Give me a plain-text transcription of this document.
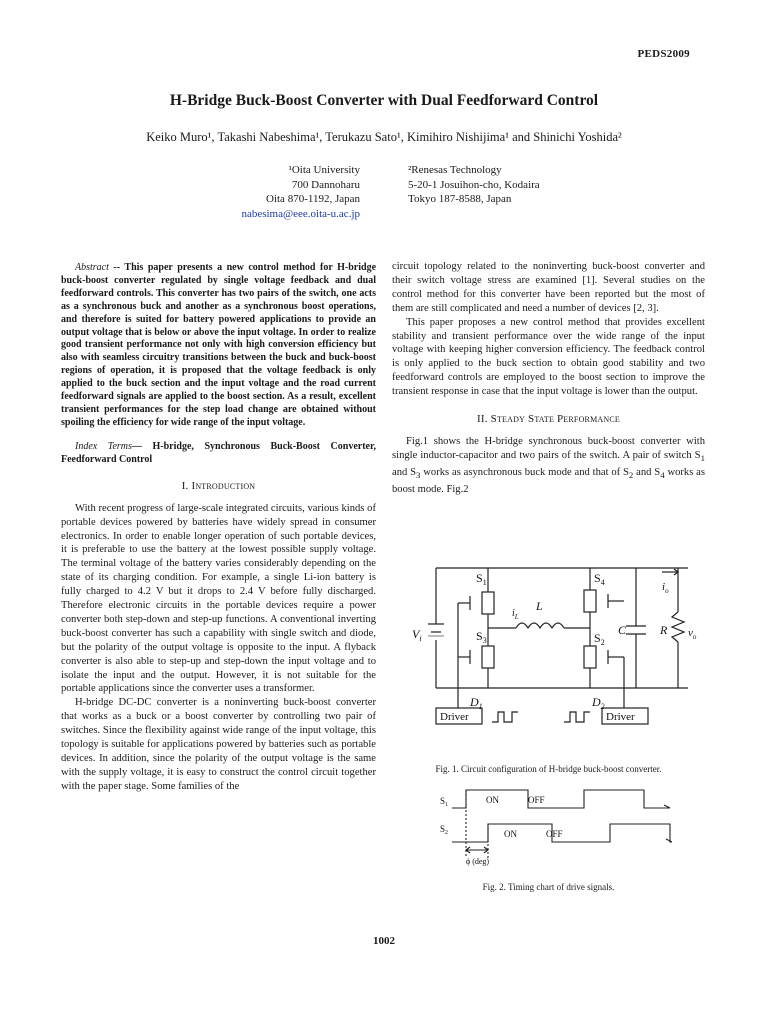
PEDS2009
H-Bridge Buck-Boost Converter with Dual Feedforward Control
Keiko Muro¹, Takashi Nabeshima¹, Terukazu Sato¹, Kimihiro Nishijima¹ and Shinichi Yoshida²
¹Oita University
700 Dannoharu
Oita 870-1192, Japan
nabesima@eee.oita-u.ac.jp
²Renesas Technology
5-20-1 Josuihon-cho, Kodaira
Tokyo 187-8588, Japan

Abstract -- This paper presents a new control method for H-bridge buck-boost converter regulated by single voltage feedback and dual feedforward controls. This converter has two pairs of the switch, one acts as a synchronous buck and another as a synchronous boost operations, and therefore is suited for battery powered applications to provide an output voltage that is below or above the input voltage. In order to realize good transient performance not only with high conversion efficiency but also with seamless circuitry transitions between the buck and buck-boost regions of operation, it is proposed that the voltage feedback is only applied to the buck section and the input voltage and the road current feedforward signals are applied to the boost section. As a result, excellent transient performances for the step load change are obtained without spoiling the efficiency for wide range of the input voltage.

Index Terms— H-bridge, Synchronous Buck-Boost Converter, Feedforward Control

I. Introduction

With recent progress of large-scale integrated circuits, various kinds of portable devices powered by batteries have widely spread in consumer electronics. In order to enable longer operation of such portable devices, it is preferable to use the battery at the lowest possible supply voltage. The terminal voltage of the battery varies considerably depending on the state of its charging condition. For example, a single Li-ion battery is fully charged to 4.2 V but it drops to 2.4 V before fully discharged. Therefore electronic circuits in the portable devices require a power converter both step-down and step-up functions. A conventional inverting buck-boost converter has such a capability with single switch and diode, but the polarity of the output voltage is opposite to the input. A flyback converter is also able to step-up and step-down the input voltage and to isolate the input and the output. However, it is not suitable for the portable applications since the converter uses a transformer.

H-bridge DC-DC converter is a noninverting buck-boost converter that works as a buck or a boost converter by controlling two pair of switches. Since the flexibility against wide range of the input voltage, this topology is suitable for applications powered by batteries such as portable devices. In addition, since the polarity of the output voltage is the same with the supply voltage, it is easy to construct the control circuit together with the paper stage. Some families of the

circuit topology related to the noninverting buck-boost converter and their switch voltage stress are examined [1]. Several studies on the control method for this converter have been reported but the most of them are still complicated and need a number of devices [2, 3].

This paper proposes a new control method that provides excellent stability and transient performance over the wide range of the input voltage with keeping higher conversion efficiency. The feedback control is only applied to the buck section to obtain good stability and two feedforward controls are employed to the boost section to improve the transient response in case that the input voltage is lower than the output.

II. Steady State Performance

Fig.1 shows the H-bridge synchronous buck-boost converter with single inductor-capacitor and two pairs of the switch. A pair of switch $S_1$ and $S_3$ works as asynchronous buck mode and that of $S_2$ and $S_4$ works as boost mode. Fig.2

$S_1$
$S_3$
$S_4$
$S_2$
$V_i$
$i_L$
L
C	R
$i_o$
$v_o$
$D_1$	$D_2$
Driver	Driver
Fig. 1. Circuit configuration of H-bridge buck-boost converter.
$S_1$
$S_2$
ON	OFF
ON	OFF
ϕ (deg)
Fig. 2. Timing chart of drive signals.
1002
